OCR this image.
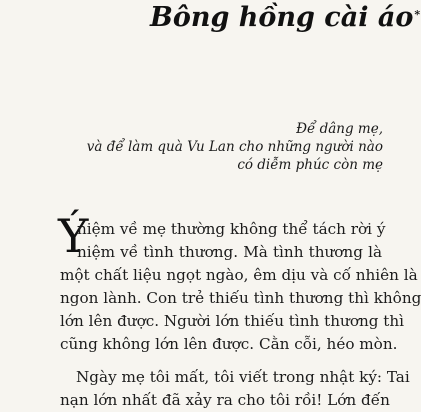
Bông hồng cài áo*
Để dâng mẹ,
và để làm quà Vu Lan cho những người nào
có diễm phúc còn mẹ
Ý
niệm về mẹ thường không thể tách rời ý
niệm về tình thương. Mà tình thương là
một chất liệu ngọt ngào, êm dịu và cố nhiên là
ngon lành. Con trẻ thiếu tình thương thì không
lớn lên được. Người lớn thiếu tình thương thì
cũng không lớn lên được. Cằn cỗi, héo mòn.
Ngày mẹ tôi mất, tôi viết trong nhật ký: Tai
nạn lớn nhất đã xảy ra cho tôi rồi! Lớn đến
